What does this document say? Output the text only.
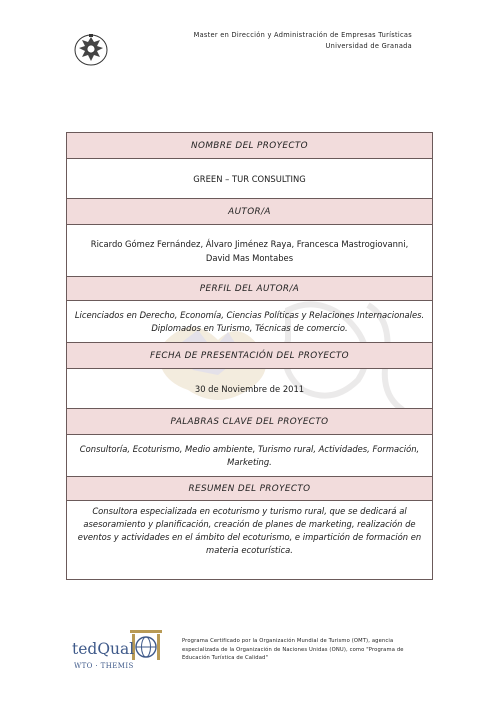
Master en Dirección y Administración de Empresas Turísticas
Universidad de Granada
NOMBRE DEL PROYECTO
GREEN – TUR CONSULTING
AUTOR/A
Ricardo Gómez Fernández, Álvaro Jiménez Raya, Francesca Mastrogiovanni,
David Mas Montabes
PERFIL DEL AUTOR/A
Licenciados en Derecho, Economía, Ciencias Políticas y Relaciones Internacionales.
Diplomados en Turismo, Técnicas de comercio.
FECHA DE PRESENTACIÓN DEL PROYECTO
30 de Noviembre de 2011
PALABRAS CLAVE DEL PROYECTO
Consultoría, Ecoturismo, Medio ambiente, Turismo rural, Actividades, Formación,
Marketing.
RESUMEN DEL PROYECTO
Consultora especializada en ecoturismo y turismo rural, que se dedicará al
asesoramiento y planificación, creación de planes de marketing, realización de
eventos y actividades en el ámbito del ecoturismo, e impartición de formación en
materia ecoturística.
tedQual
WTO · THEMIS
Programa Certificado por la Organización Mundial de Turismo (OMT), agencia
especializada de la Organización de Naciones Unidas (ONU), como "Programa de
Educación Turística de Calidad"
